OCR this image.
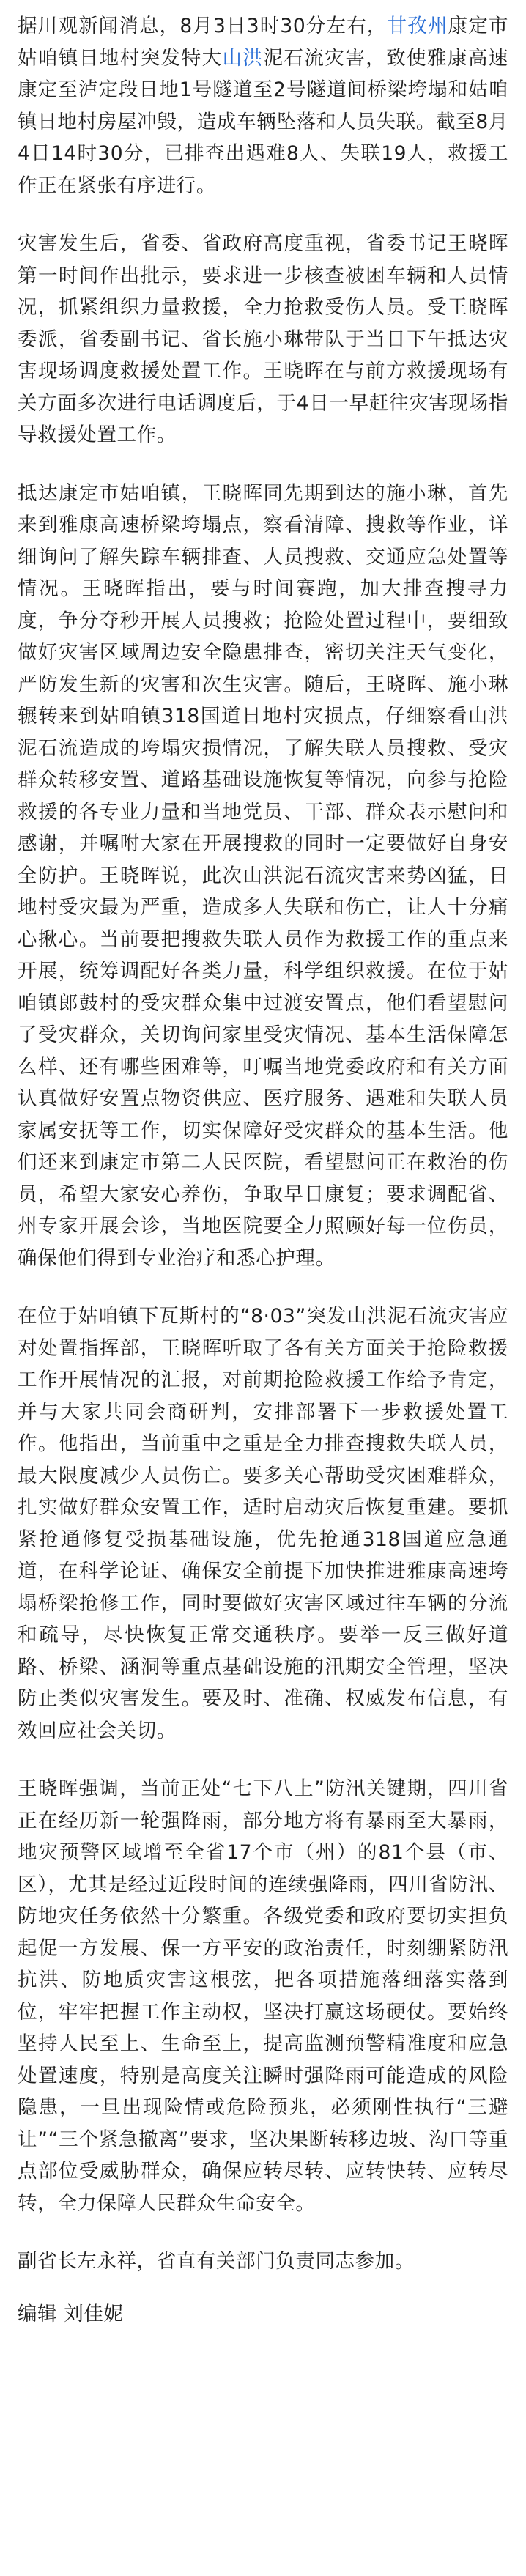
据川观新闻消息，8月3日3时30分左右，甘孜州康定市姑咱镇日地村突发特大山洪泥石流灾害，致使雅康高速康定至泸定段日地1号隧道至2号隧道间桥梁垮塌和姑咱镇日地村房屋冲毁，造成车辆坠落和人员失联。截至8月4日14时30分，已排查出遇难8人、失联19人，救援工作正在紧张有序进行。

灾害发生后，省委、省政府高度重视，省委书记王晓晖第一时间作出批示，要求进一步核查被困车辆和人员情况，抓紧组织力量救援，全力抢救受伤人员。受王晓晖委派，省委副书记、省长施小琳带队于当日下午抵达灾害现场调度救援处置工作。王晓晖在与前方救援现场有关方面多次进行电话调度后，于4日一早赶往灾害现场指导救援处置工作。

抵达康定市姑咱镇，王晓晖同先期到达的施小琳，首先来到雅康高速桥梁垮塌点，察看清障、搜救等作业，详细询问了解失踪车辆排查、人员搜救、交通应急处置等情况。王晓晖指出，要与时间赛跑，加大排查搜寻力度，争分夺秒开展人员搜救；抢险处置过程中，要细致做好灾害区域周边安全隐患排查，密切关注天气变化，严防发生新的灾害和次生灾害。随后，王晓晖、施小琳辗转来到姑咱镇318国道日地村灾损点，仔细察看山洪泥石流造成的垮塌灾损情况，了解失联人员搜救、受灾群众转移安置、道路基础设施恢复等情况，向参与抢险救援的各专业力量和当地党员、干部、群众表示慰问和感谢，并嘱咐大家在开展搜救的同时一定要做好自身安全防护。王晓晖说，此次山洪泥石流灾害来势凶猛，日地村受灾最为严重，造成多人失联和伤亡，让人十分痛心揪心。当前要把搜救失联人员作为救援工作的重点来开展，统筹调配好各类力量，科学组织救援。在位于姑咱镇郎鼓村的受灾群众集中过渡安置点，他们看望慰问了受灾群众，关切询问家里受灾情况、基本生活保障怎么样、还有哪些困难等，叮嘱当地党委政府和有关方面认真做好安置点物资供应、医疗服务、遇难和失联人员家属安抚等工作，切实保障好受灾群众的基本生活。他们还来到康定市第二人民医院，看望慰问正在救治的伤员，希望大家安心养伤，争取早日康复；要求调配省、州专家开展会诊，当地医院要全力照顾好每一位伤员，确保他们得到专业治疗和悉心护理。

在位于姑咱镇下瓦斯村的“8·03”突发山洪泥石流灾害应对处置指挥部，王晓晖听取了各有关方面关于抢险救援工作开展情况的汇报，对前期抢险救援工作给予肯定，并与大家共同会商研判，安排部署下一步救援处置工作。他指出，当前重中之重是全力排查搜救失联人员，最大限度减少人员伤亡。要多关心帮助受灾困难群众，扎实做好群众安置工作，适时启动灾后恢复重建。要抓紧抢通修复受损基础设施，优先抢通318国道应急通道，在科学论证、确保安全前提下加快推进雅康高速垮塌桥梁抢修工作，同时要做好灾害区域过往车辆的分流和疏导，尽快恢复正常交通秩序。要举一反三做好道路、桥梁、涵洞等重点基础设施的汛期安全管理，坚决防止类似灾害发生。要及时、准确、权威发布信息，有效回应社会关切。

王晓晖强调，当前正处“七下八上”防汛关键期，四川省正在经历新一轮强降雨，部分地方将有暴雨至大暴雨，地灾预警区域增至全省17个市（州）的81个县（市、区），尤其是经过近段时间的连续强降雨，四川省防汛、防地灾任务依然十分繁重。各级党委和政府要切实担负起促一方发展、保一方平安的政治责任，时刻绷紧防汛抗洪、防地质灾害这根弦，把各项措施落细落实落到位，牢牢把握工作主动权，坚决打赢这场硬仗。要始终坚持人民至上、生命至上，提高监测预警精准度和应急处置速度，特别是高度关注瞬时强降雨可能造成的风险隐患，一旦出现险情或危险预兆，必须刚性执行“三避让”“三个紧急撤离”要求，坚决果断转移边坡、沟口等重点部位受威胁群众，确保应转尽转、应转快转、应转尽转，全力保障人民群众生命安全。

副省长左永祥，省直有关部门负责同志参加。

编辑 刘佳妮
